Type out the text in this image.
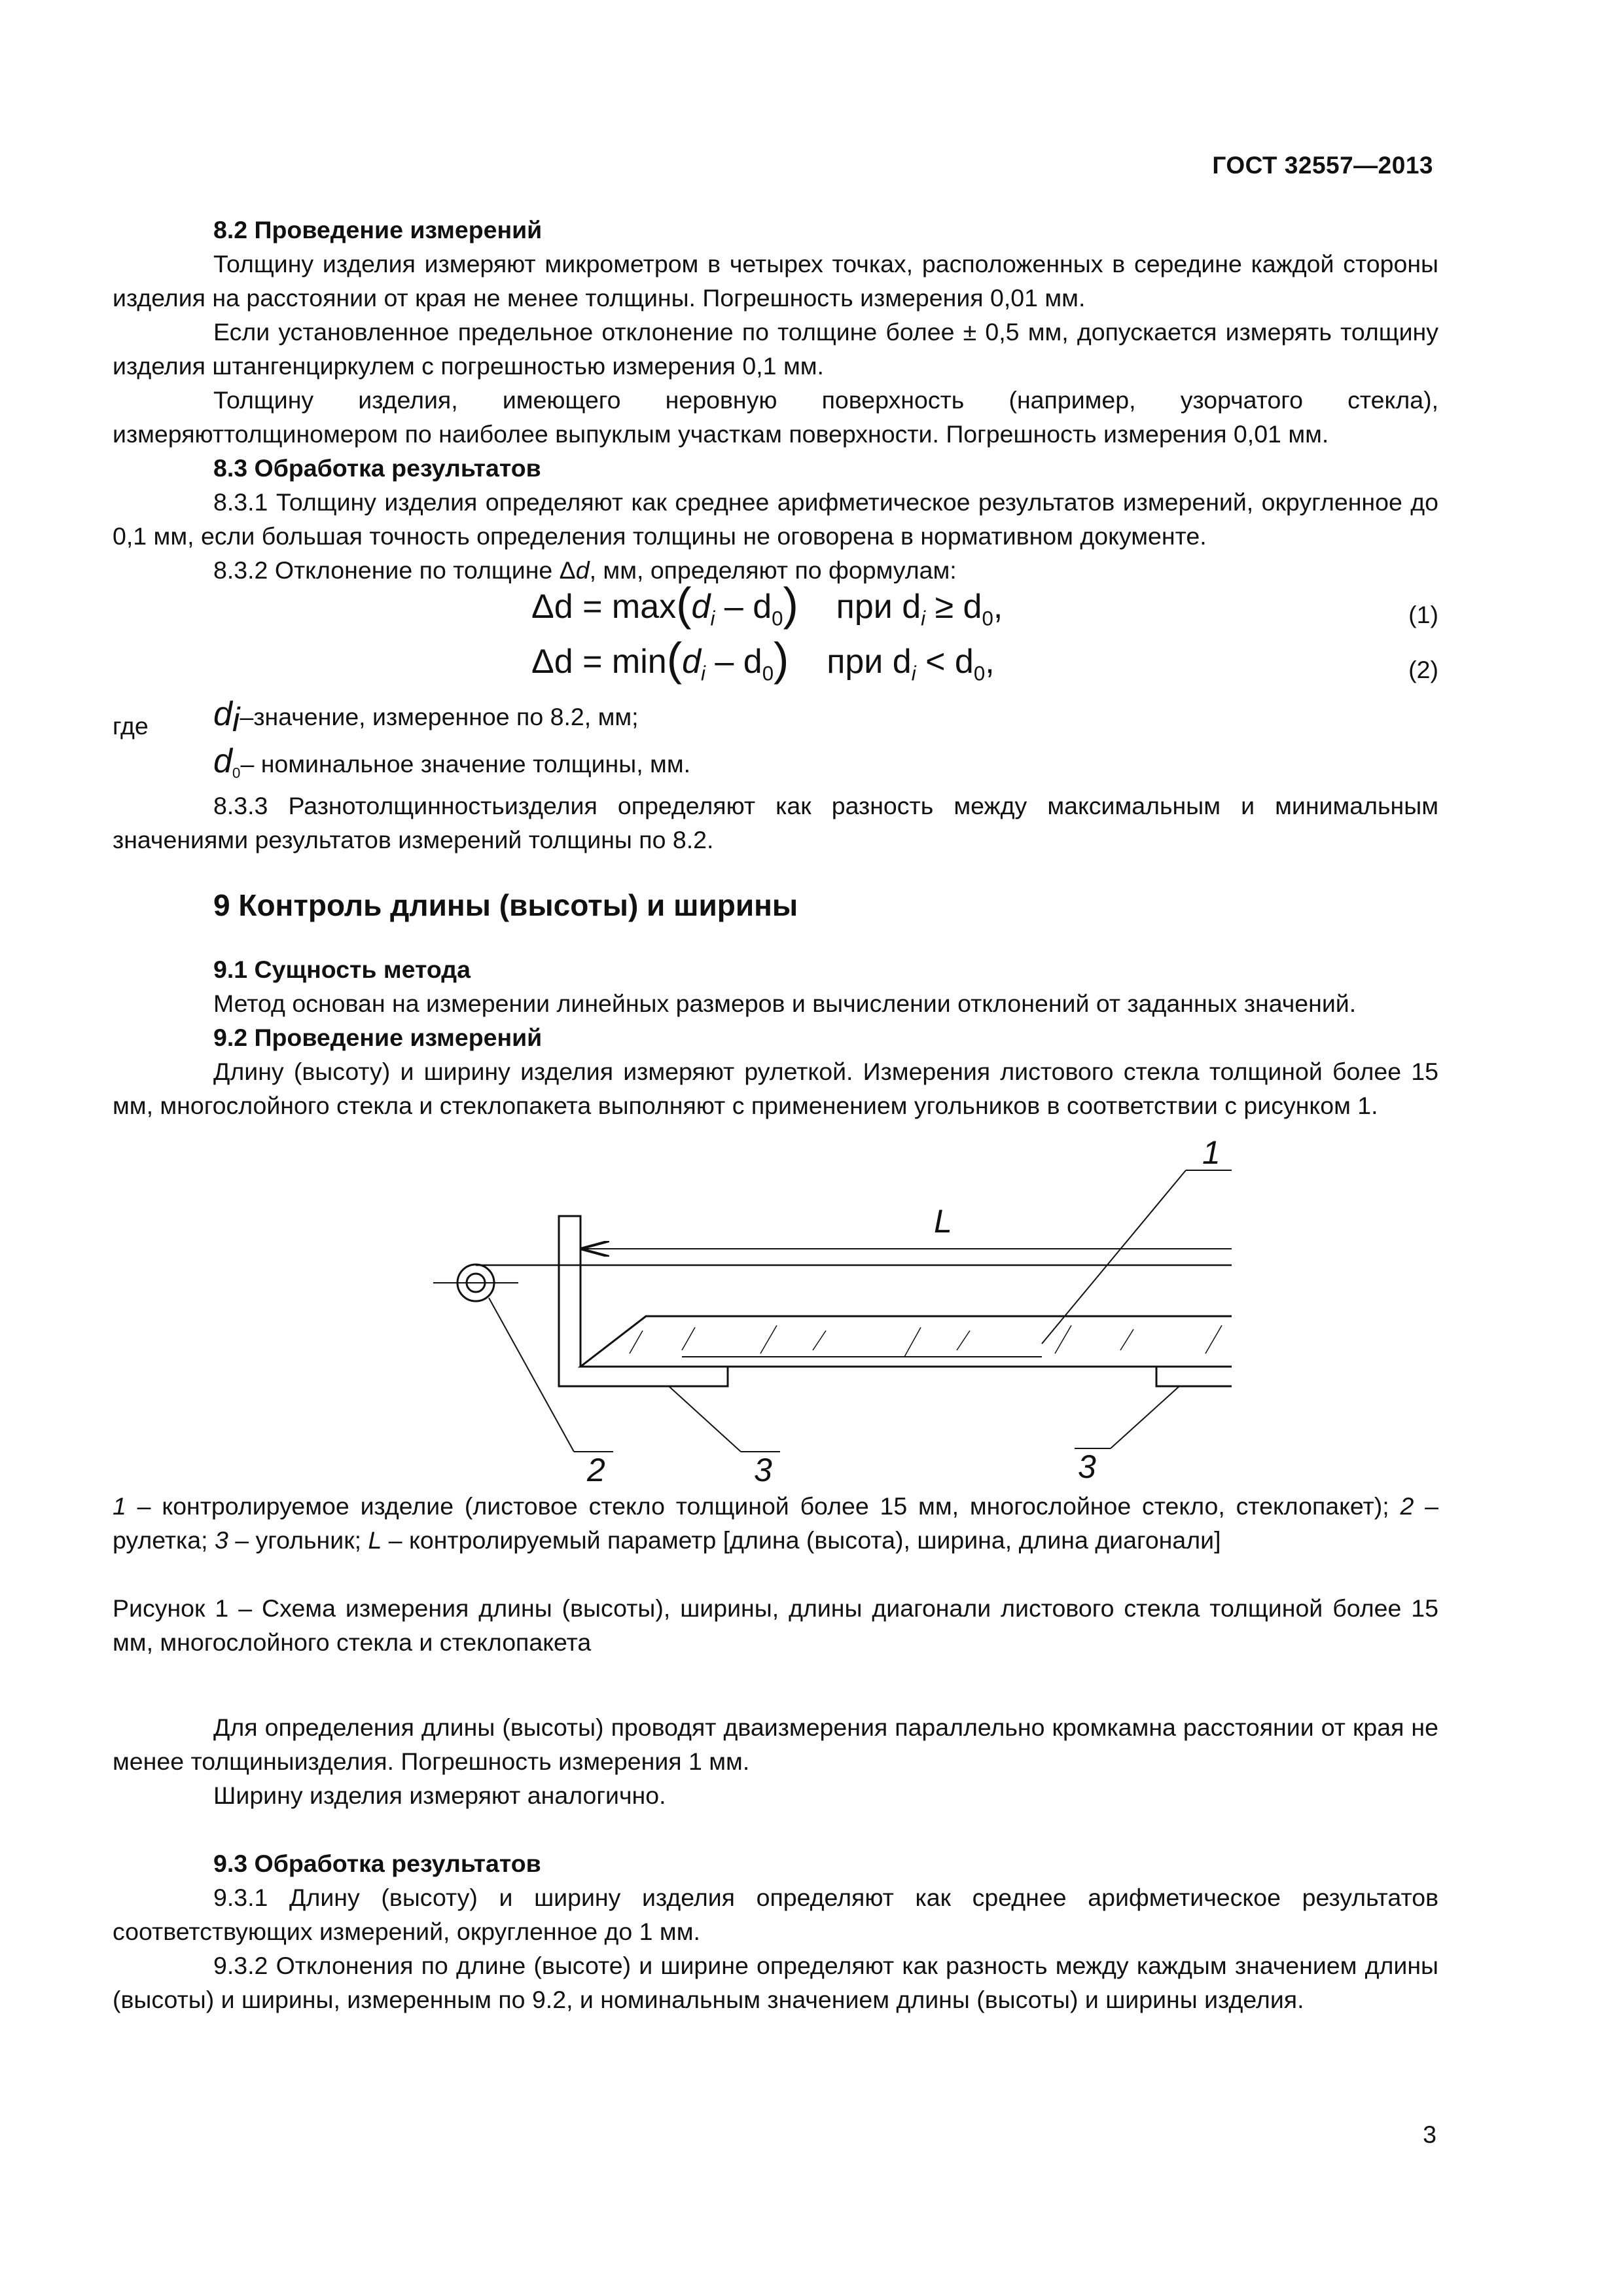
ГОСТ 32557—2013

8.2 Проведение измерений

Толщину изделия измеряют микрометром в четырех точках, расположенных в середине каждой стороны изделия на расстоянии от края не менее толщины. Погрешность измерения 0,01 мм.

Если установленное предельное отклонение по толщине более ± 0,5 мм, допускается измерять толщину изделия штангенциркулем с погрешностью измерения 0,1 мм.

Толщину изделия, имеющего неровную поверхность (например, узорчатого стекла), измеряюттолщиномером по наиболее выпуклым участкам поверхности. Погрешность измерения 0,01 мм.

8.3 Обработка результатов

8.3.1 Толщину изделия определяют как среднее арифметическое результатов измерений, округленное до 0,1 мм, если большая точность определения толщины не оговорена в нормативном документе.

8.3.2 Отклонение по толщине Δd, мм, определяют по формулам:

$\Delta d = \max(d_i - d_0)$ при $d_i \ge d_0$,	(1)
$\Delta d = \min(d_i - d_0)$ при $d_i < d_0$,	(2)
где $d_i$–значение, измеренное по 8.2, мм;
$d_0-$ номинальное значение толщины, мм.

8.3.3 Разнотолщинностьизделия определяют как разность между максимальным и минимальным значениями результатов измерений толщины по 8.2.

9 Контроль длины (высоты) и ширины

9.1 Сущность метода

Метод основан на измерении линейных размеров и вычислении отклонений от заданных значений.

9.2 Проведение измерений

Длину (высоту) и ширину изделия измеряют рулеткой. Измерения листового стекла толщиной более 15 мм, многослойного стекла и стеклопакета выполняют с применением угольников в соответствии с рисунком 1.

L
1
2	3	3

1 – контролируемое изделие (листовое стекло толщиной более 15 мм, многослойное стекло, стеклопакет); 2 – рулетка; 3 – угольник; L – контролируемый параметр [длина (высота), ширина, длина диагонали]

Рисунок 1 – Схема измерения длины (высоты), ширины, длины диагонали листового стекла толщиной более 15 мм, многослойного стекла и стеклопакета

Для определения длины (высоты) проводят дваизмерения параллельно кромкамна расстоянии от края не менее толщиныизделия. Погрешность измерения 1 мм.

Ширину изделия измеряют аналогично.

9.3 Обработка результатов

9.3.1 Длину (высоту) и ширину изделия определяют как среднее арифметическое результатов соответствующих измерений, округленное до 1 мм.

9.3.2 Отклонения по длине (высоте) и ширине определяют как разность между каждым значением длины (высоты) и ширины, измеренным по 9.2, и номинальным значением длины (высоты) и ширины изделия.

3
